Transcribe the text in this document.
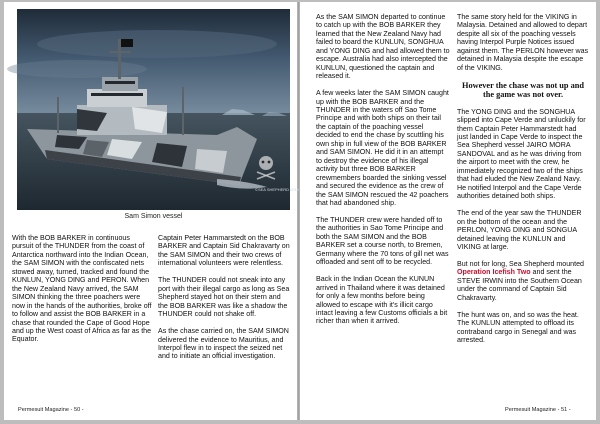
©SEA SHEPHERD 2014
Sam Simon vessel

With the BOB BARKER in continuous pursuit of the THUNDER from the coast of Antarctica northward into the Indian Ocean, the SAM SIMON with the confiscated nets stowed away, turned, tracked and found the KUNLUN, YONG DING and PERON. When the New Zealand Navy arrived, the SAM SIMON thinking the three poachers were now in the hands of the authorities, broke off to follow and assist the BOB BARKER in a chase that rounded the Cape of Good Hope and up the West coast of Africa as far as the Equator.

Captain Peter Hammarstedt on the BOB BARKER and Captain Sid Chakravarty on the SAM SIMON and their two crews of international volunteers were relentless.

The THUNDER could not sneak into any port with their illegal cargo as long as Sea Shepherd stayed hot on their stern and the BOB BARKER was like a shadow the THUNDER could not shake off.

As the chase carried on, the SAM SIMON delivered the evidence to Mauritius, and Interpol flew in to inspect the seized net and to initiate an official investigation.

Permesuit Magazine - 50 -

As the SAM SIMON departed to continue to catch up with the BOB BARKER they learned that the New Zealand Navy had failed to board the KUNLUN, SONGHUA and YONG DING and had allowed them to escape. Australia had also intercepted the KUNLUN, questioned the captain and released it.

A few weeks later the SAM SIMON caught up with the BOB BARKER and the THUNDER in the waters off Sao Tome Principe and with both ships on their tail the captain of the poaching vessel decided to end the chase by scuttling his own ship in full view of the BOB BARKER and SAM SIMON. He did it in an attempt to destroy the evidence of his illegal activity but three BOB BARKER crewmembers boarded the sinking vessel and secured the evidence as the crew of the SAM SIMON rescued the 42 poachers that had abandoned ship.

The THUNDER crew were handed off to the authorities in Sao Tome Principe and both the SAM SIMON and the BOB BARKER set a course north, to Bremen, Germany where the 70 tons of gill net was offloaded and sent off to be recycled.

Back in the Indian Ocean the KUNUN arrived in Thailand where it was detained for only a few months before being allowed to escape with it's illicit cargo intact leaving a few Customs officials a bit richer than when it arrived.

The same story held for the VIKING in Malaysia. Detained and allowed to depart despite all six of the poaching vessels having Interpol Purple Notices issued against them. The PERLON however was detained in Malaysia despite the escape of the VIKING.

However the chase was not up and the game was not over.

The YONG DING and the SONGHUA slipped into Cape Verde and unluckily for them Captain Peter Hammarstedt had just landed in Cape Verde to inspect the Sea Shepherd vessel JAIRO MORA SANDOVAL and as he was driving from the airport to meet with the crew, he immediately recognized two of the ships that had eluded the New Zealand Navy. He notified Interpol and the Cape Verde authorities detained both ships.

The end of the year saw the THUNDER on the bottom of the ocean and the PERLON, YONG DING and SONGUA detained leaving the KUNLUN and VIKING at large.

But not for long, Sea Shepherd mounted Operation Icefish Two and sent the STEVE IRWIN into the Southern Ocean under the command of Captain Sid Chakravarty.

The hunt was on, and so was the heat. The KUNLUN attempted to offload its contraband cargo in Senegal and was arrested.

Permesuit Magazine - 51 -
